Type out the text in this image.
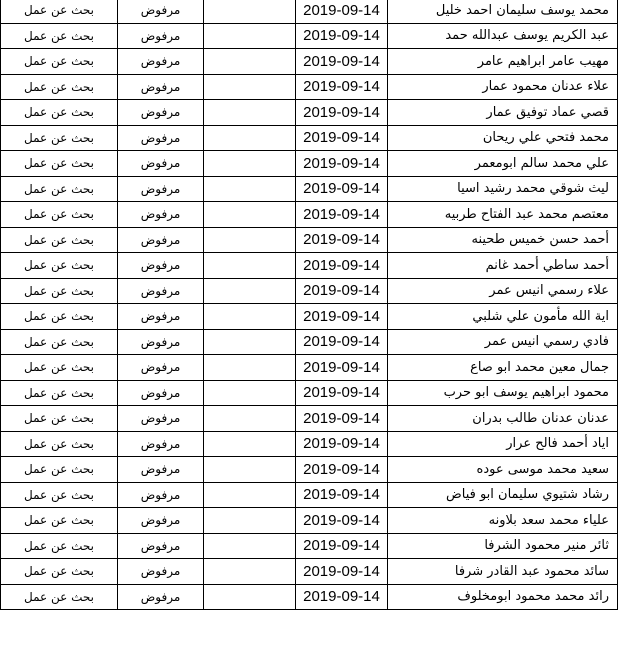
محمد يوسف سليمان احمد خليل	2019-09-14		مرفوض	بحث عن عمل
عبد الكريم يوسف عبدالله حمد	2019-09-14		مرفوض	بحث عن عمل
مهيب عامر ابراهيم عامر	2019-09-14		مرفوض	بحث عن عمل
علاء عدنان محمود عمار	2019-09-14		مرفوض	بحث عن عمل
قصي عماد توفيق عمار	2019-09-14		مرفوض	بحث عن عمل
محمد فتحي علي ريحان	2019-09-14		مرفوض	بحث عن عمل
علي محمد سالم ابومعمر	2019-09-14		مرفوض	بحث عن عمل
ليث شوقي محمد رشيد اسيا	2019-09-14		مرفوض	بحث عن عمل
معتصم محمد عبد الفتاح طربيه	2019-09-14		مرفوض	بحث عن عمل
أحمد حسن خميس طحينه	2019-09-14		مرفوض	بحث عن عمل
أحمد ساطي أحمد غانم	2019-09-14		مرفوض	بحث عن عمل
علاء رسمي انيس عمر	2019-09-14		مرفوض	بحث عن عمل
اية الله مأمون علي شلبي	2019-09-14		مرفوض	بحث عن عمل
فادي رسمي انيس عمر	2019-09-14		مرفوض	بحث عن عمل
جمال معين محمد ابو صاع	2019-09-14		مرفوض	بحث عن عمل
محمود ابراهيم يوسف ابو حرب	2019-09-14		مرفوض	بحث عن عمل
عدنان عدنان طالب بدران	2019-09-14		مرفوض	بحث عن عمل
اياد أحمد فالح عرار	2019-09-14		مرفوض	بحث عن عمل
سعيد محمد موسى عوده	2019-09-14		مرفوض	بحث عن عمل
رشاد شتيوي سليمان ابو فياض	2019-09-14		مرفوض	بحث عن عمل
علياء محمد سعد بلاونه	2019-09-14		مرفوض	بحث عن عمل
ثائر منير محمود الشرفا	2019-09-14		مرفوض	بحث عن عمل
سائد محمود عبد القادر شرفا	2019-09-14		مرفوض	بحث عن عمل
رائد محمد محمود ابومخلوف	2019-09-14		مرفوض	بحث عن عمل
